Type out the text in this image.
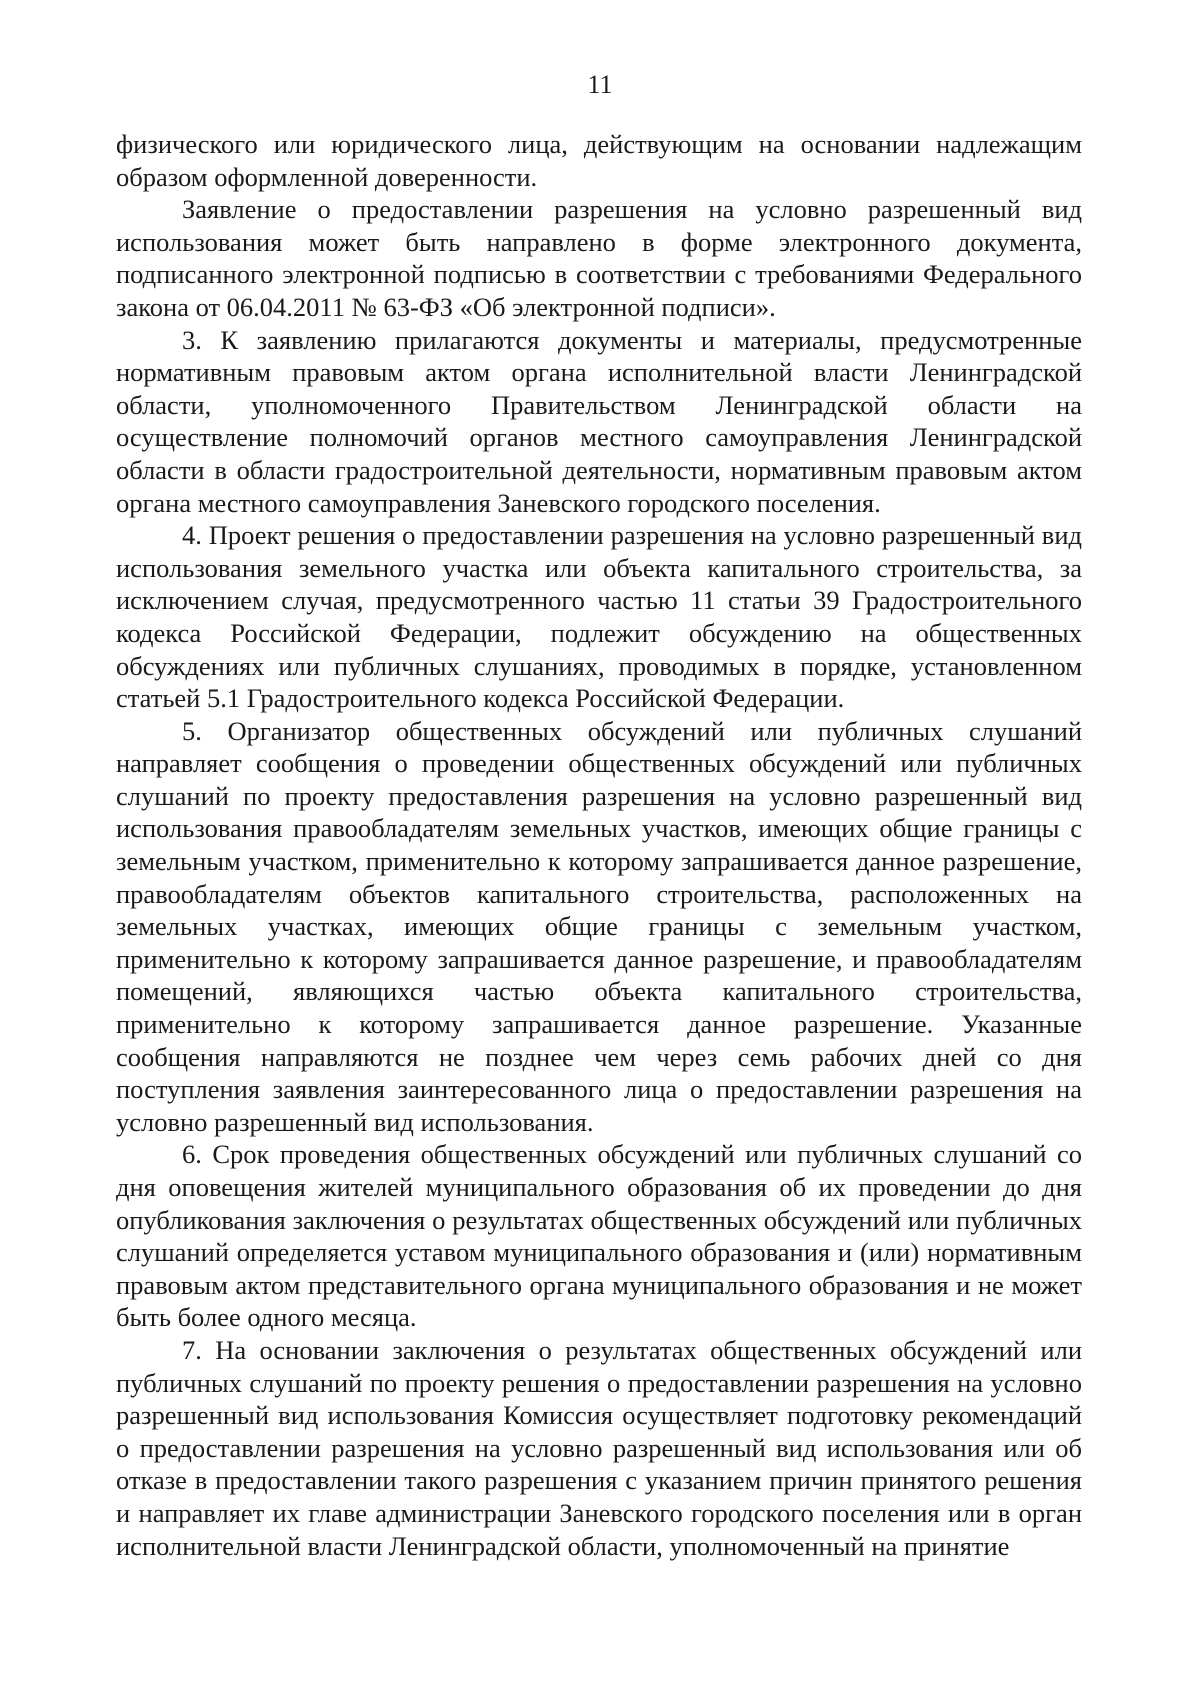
11

физического или юридического лица, действующим на основании надлежащим образом оформленной доверенности.

Заявление о предоставлении разрешения на условно разрешенный вид использования может быть направлено в форме электронного документа, подписанного электронной подписью в соответствии с требованиями Федерального закона от 06.04.2011 № 63-ФЗ «Об электронной подписи».

3. К заявлению прилагаются документы и материалы, предусмотренные нормативным правовым актом органа исполнительной власти Ленинградской области, уполномоченного Правительством Ленинградской области на осуществление полномочий органов местного самоуправления Ленинградской области в области градостроительной деятельности, нормативным правовым актом органа местного самоуправления Заневского городского поселения.

4. Проект решения о предоставлении разрешения на условно разрешенный вид использования земельного участка или объекта капитального строительства, за исключением случая, предусмотренного частью 11 статьи 39 Градостроительного кодекса Российской Федерации, подлежит обсуждению на общественных обсуждениях или публичных слушаниях, проводимых в порядке, установленном статьей 5.1 Градостроительного кодекса Российской Федерации.

5. Организатор общественных обсуждений или публичных слушаний направляет сообщения о проведении общественных обсуждений или публичных слушаний по проекту предоставления разрешения на условно разрешенный вид использования правообладателям земельных участков, имеющих общие границы с земельным участком, применительно к которому запрашивается данное разрешение, правообладателям объектов капитального строительства, расположенных на земельных участках, имеющих общие границы с земельным участком, применительно к которому запрашивается данное разрешение, и правообладателям помещений, являющихся частью объекта капитального строительства, применительно к которому запрашивается данное разрешение. Указанные сообщения направляются не позднее чем через семь рабочих дней со дня поступления заявления заинтересованного лица о предоставлении разрешения на условно разрешенный вид использования.

6. Срок проведения общественных обсуждений или публичных слушаний со дня оповещения жителей муниципального образования об их проведении до дня опубликования заключения о результатах общественных обсуждений или публичных слушаний определяется уставом муниципального образования и (или) нормативным правовым актом представительного органа муниципального образования и не может быть более одного месяца.

7. На основании заключения о результатах общественных обсуждений или публичных слушаний по проекту решения о предоставлении разрешения на условно разрешенный вид использования Комиссия осуществляет подготовку рекомендаций о предоставлении разрешения на условно разрешенный вид использования или об отказе в предоставлении такого разрешения с указанием причин принятого решения и направляет их главе администрации Заневского городского поселения или в орган исполнительной власти Ленинградской области, уполномоченный на принятие
